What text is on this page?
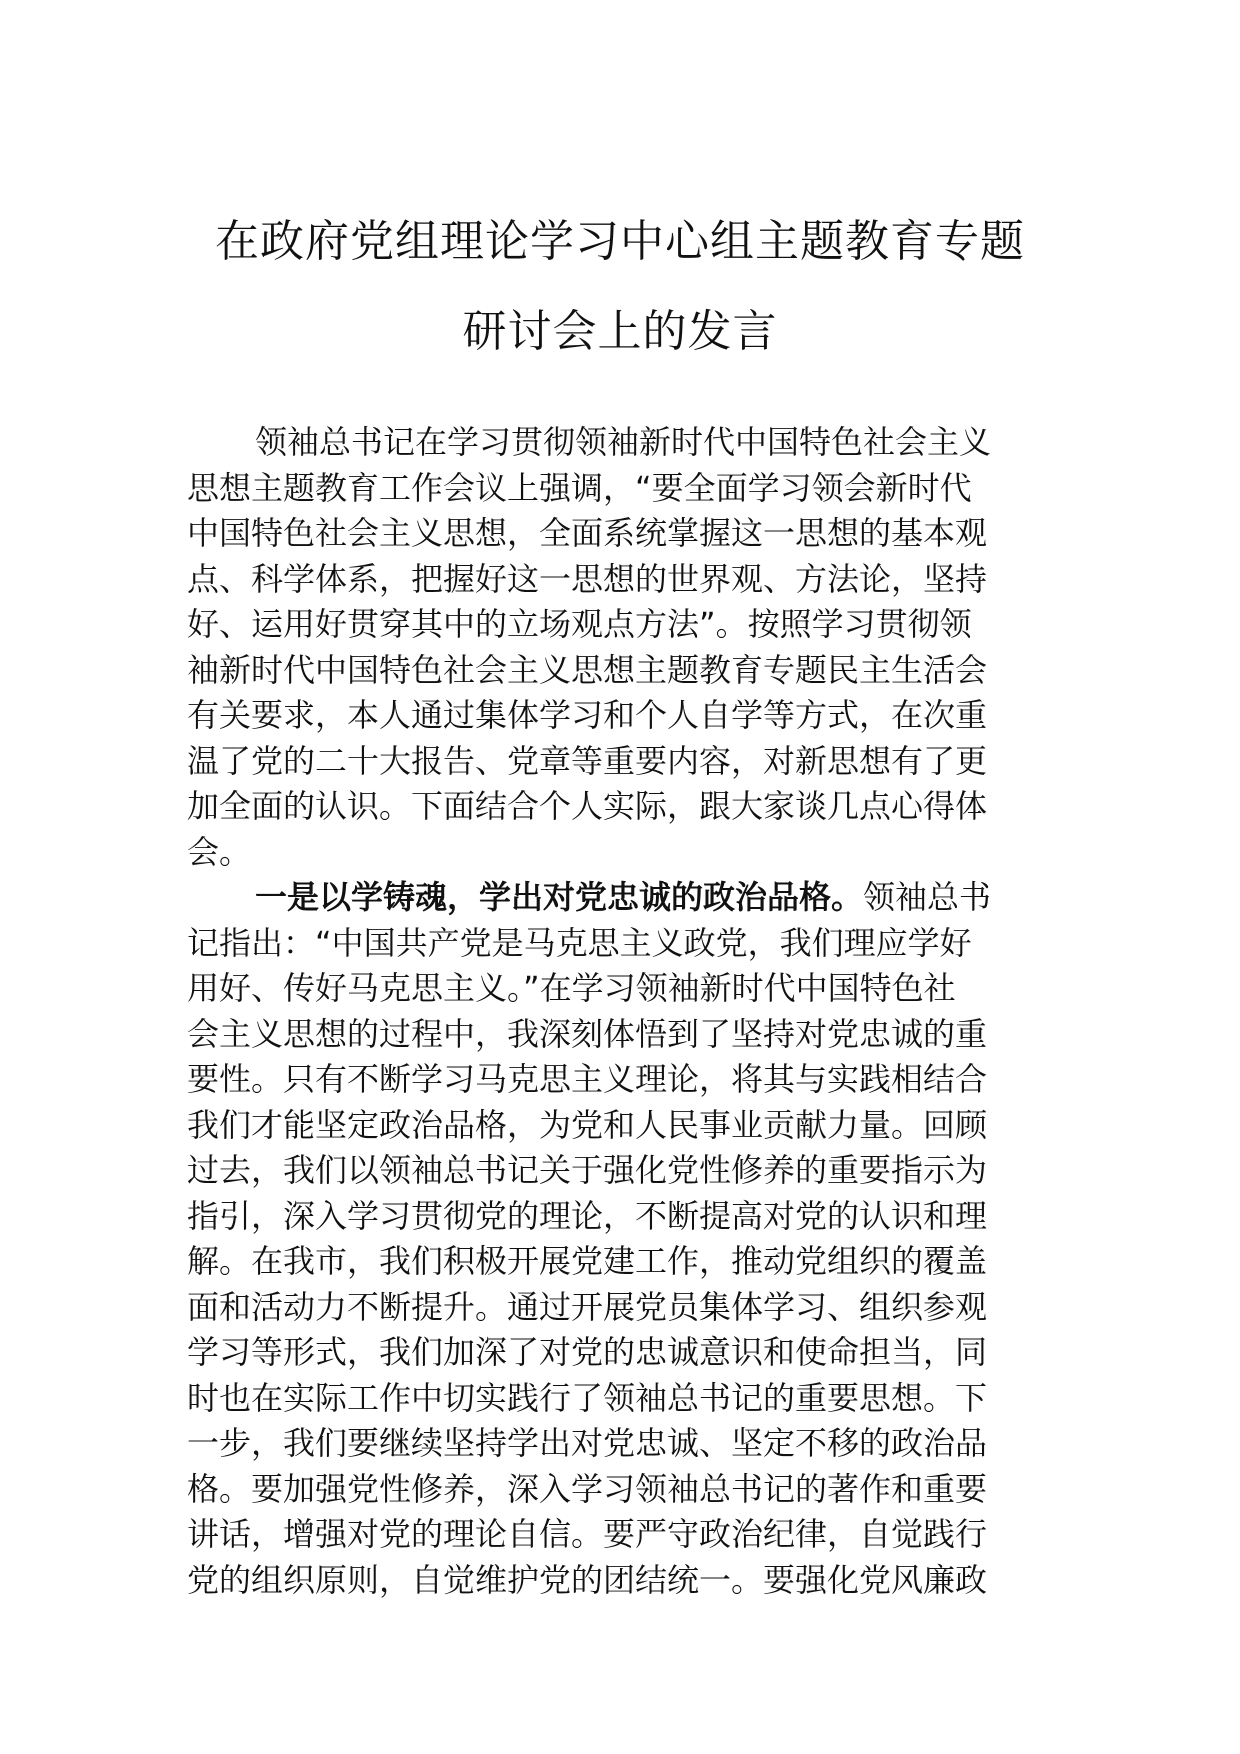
在政府党组理论学习中心组主题教育专题
研讨会上的发言
领袖总书记在学习贯彻领袖新时代中国特色社会主义
思想主题教育工作会议上强调，“要全面学习领会新时代
中国特色社会主义思想，全面系统掌握这一思想的基本观
点、科学体系，把握好这一思想的世界观、方法论，坚持
好、运用好贯穿其中的立场观点方法”。按照学习贯彻领
袖新时代中国特色社会主义思想主题教育专题民主生活会
有关要求，本人通过集体学习和个人自学等方式，在次重
温了党的二十大报告、党章等重要内容，对新思想有了更
加全面的认识。下面结合个人实际，跟大家谈几点心得体
会。
一是以学铸魂，学出对党忠诚的政治品格。领袖总书
记指出：“中国共产党是马克思主义政党，我们理应学好
用好、传好马克思主义。”在学习领袖新时代中国特色社
会主义思想的过程中，我深刻体悟到了坚持对党忠诚的重
要性。只有不断学习马克思主义理论，将其与实践相结合
我们才能坚定政治品格，为党和人民事业贡献力量。回顾
过去，我们以领袖总书记关于强化党性修养的重要指示为
指引，深入学习贯彻党的理论，不断提高对党的认识和理
解。在我市，我们积极开展党建工作，推动党组织的覆盖
面和活动力不断提升。通过开展党员集体学习、组织参观
学习等形式，我们加深了对党的忠诚意识和使命担当，同
时也在实际工作中切实践行了领袖总书记的重要思想。下
一步，我们要继续坚持学出对党忠诚、坚定不移的政治品
格。要加强党性修养，深入学习领袖总书记的著作和重要
讲话，增强对党的理论自信。要严守政治纪律，自觉践行
党的组织原则，自觉维护党的团结统一。要强化党风廉政
